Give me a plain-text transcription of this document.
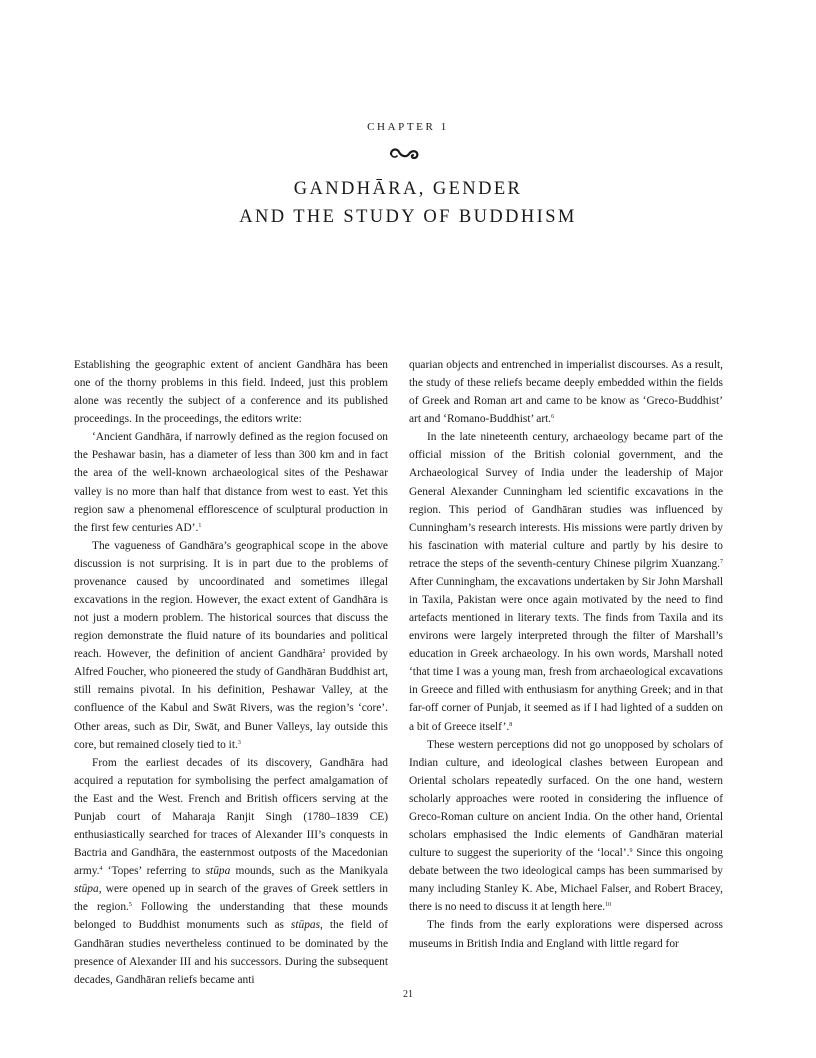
CHAPTER 1
GANDHĀRA, GENDER
AND THE STUDY OF BUDDHISM

Establishing the geographic extent of ancient Gandhāra has been one of the thorny problems in this field. Indeed, just this problem alone was recently the subject of a conference and its published proceedings. In the proceedings, the editors write:

‘Ancient Gandhāra, if narrowly defined as the region focused on the Peshawar basin, has a diameter of less than 300 km and in fact the area of the well-known archaeological sites of the Peshawar valley is no more than half that distance from west to east. Yet this region saw a phenomenal efflorescence of sculptural production in the first few centuries AD’.$^1$

The vagueness of Gandhāra’s geographical scope in the above discussion is not surprising. It is in part due to the problems of provenance caused by uncoordinated and sometimes illegal excavations in the region. However, the exact extent of Gandhāra is not just a modern problem. The historical sources that discuss the region demonstrate the fluid nature of its boundaries and political reach. However, the definition of ancient Gandhāra$^2$ provided by Alfred Foucher, who pioneered the study of Gandhāran Buddhist art, still remains pivotal. In his definition, Peshawar Valley, at the confluence of the Kabul and Swāt Rivers, was the region’s ‘core’. Other areas, such as Dir, Swāt, and Buner Valleys, lay outside this core, but remained closely tied to it.$^3$

From the earliest decades of its discovery, Gandhāra had acquired a reputation for symbolising the perfect amalgamation of the East and the West. French and British officers serving at the Punjab court of Maharaja Ranjit Singh (1780–1839 CE) enthusiastically searched for traces of Alexander III’s conquests in Bactria and Gandhāra, the easternmost outposts of the Macedonian army.$^4$ ‘Topes’ referring to stūpa mounds, such as the Manikyala stūpa, were opened up in search of the graves of Greek settlers in the region.$^5$ Following the understanding that these mounds belonged to Buddhist monuments such as stūpas, the field of Gandhāran studies nevertheless continued to be dominated by the presence of Alexander III and his successors. During the subsequent decades, Gandhāran reliefs became anti

quarian objects and entrenched in imperialist discourses. As a result, the study of these reliefs became deeply embedded within the fields of Greek and Roman art and came to be know as ‘Greco-Buddhist’ art and ‘Romano-Buddhist’ art.$^6$

In the late nineteenth century, archaeology became part of the official mission of the British colonial government, and the Archaeological Survey of India under the leadership of Major General Alexander Cunningham led scientific excavations in the region. This period of Gandhāran studies was influenced by Cunningham’s research interests. His missions were partly driven by his fascination with material culture and partly by his desire to retrace the steps of the seventh-century Chinese pilgrim Xuanzang.$^7$ After Cunningham, the excavations undertaken by Sir John Marshall in Taxila, Pakistan were once again motivated by the need to find artefacts mentioned in literary texts. The finds from Taxila and its environs were largely interpreted through the filter of Marshall’s education in Greek archaeology. In his own words, Marshall noted ‘that time I was a young man, fresh from archaeological excavations in Greece and filled with enthusiasm for anything Greek; and in that far-off corner of Punjab, it seemed as if I had lighted of a sudden on a bit of Greece itself’.$^8$

These western perceptions did not go unopposed by scholars of Indian culture, and ideological clashes between European and Oriental scholars repeatedly surfaced. On the one hand, western scholarly approaches were rooted in considering the influence of Greco-Roman culture on ancient India. On the other hand, Oriental scholars emphasised the Indic elements of Gandhāran material culture to suggest the superiority of the ‘local’.$^9$ Since this ongoing debate between the two ideological camps has been summarised by many including Stanley K. Abe, Michael Falser, and Robert Bracey, there is no need to discuss it at length here.$^{10}$

The finds from the early explorations were dispersed across museums in British India and England with little regard for

21
